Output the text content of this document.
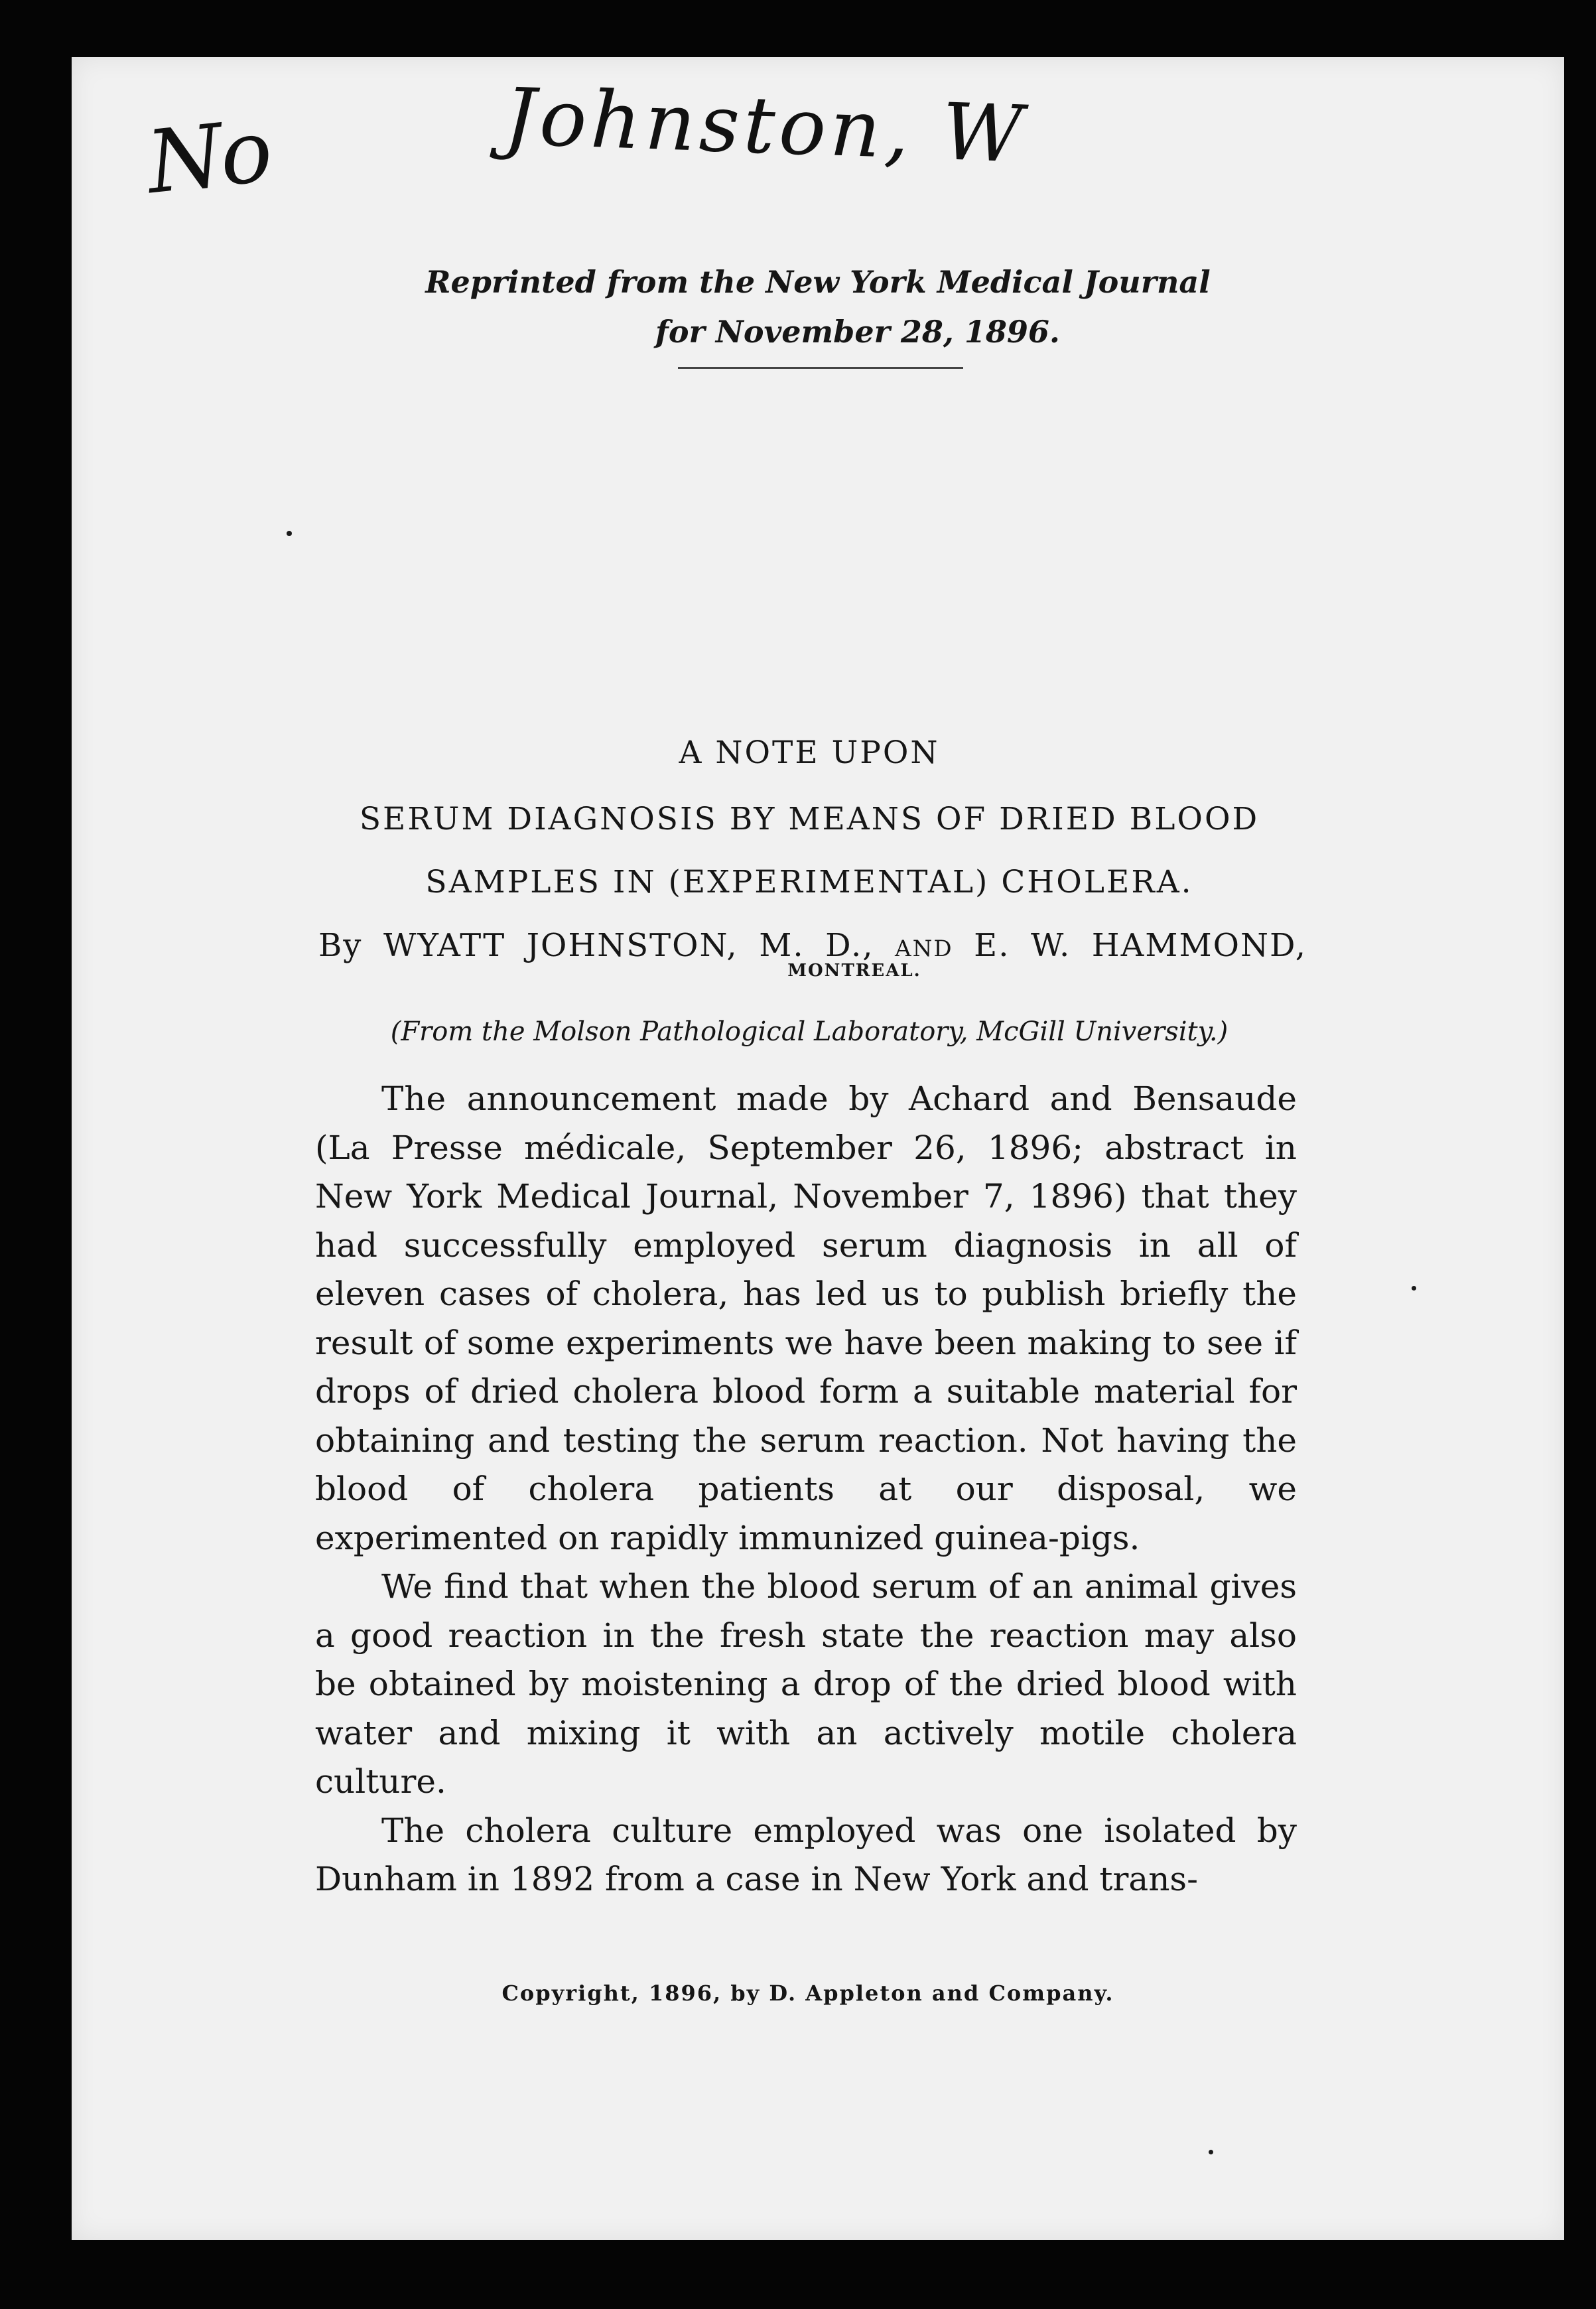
No	Johnston, W
Reprinted from the New York Medical Journal
for November 28, 1896.
A NOTE UPON
SERUM DIAGNOSIS BY MEANS OF DRIED BLOOD
SAMPLES IN (EXPERIMENTAL) CHOLERA.
By WYATT JOHNSTON, M. D., AND E. W. HAMMOND,
MONTREAL.
(From the Molson Pathological Laboratory, McGill University.)

The announcement made by Achard and Bensaude (La Presse médicale, September 26, 1896; abstract in New York Medical Journal, November 7, 1896) that they had successfully employed serum diagnosis in all of eleven cases of cholera, has led us to publish briefly the result of some experiments we have been making to see if drops of dried cholera blood form a suitable material for obtaining and testing the serum reaction. Not having the blood of cholera patients at our disposal, we experimented on rapidly immunized guinea-pigs.

We find that when the blood serum of an animal gives a good reaction in the fresh state the reaction may also be obtained by moistening a drop of the dried blood with water and mixing it with an actively motile cholera culture.

The cholera culture employed was one isolated by Dunham in 1892 from a case in New York and trans-

Copyright, 1896, by D. Appleton and Company.
